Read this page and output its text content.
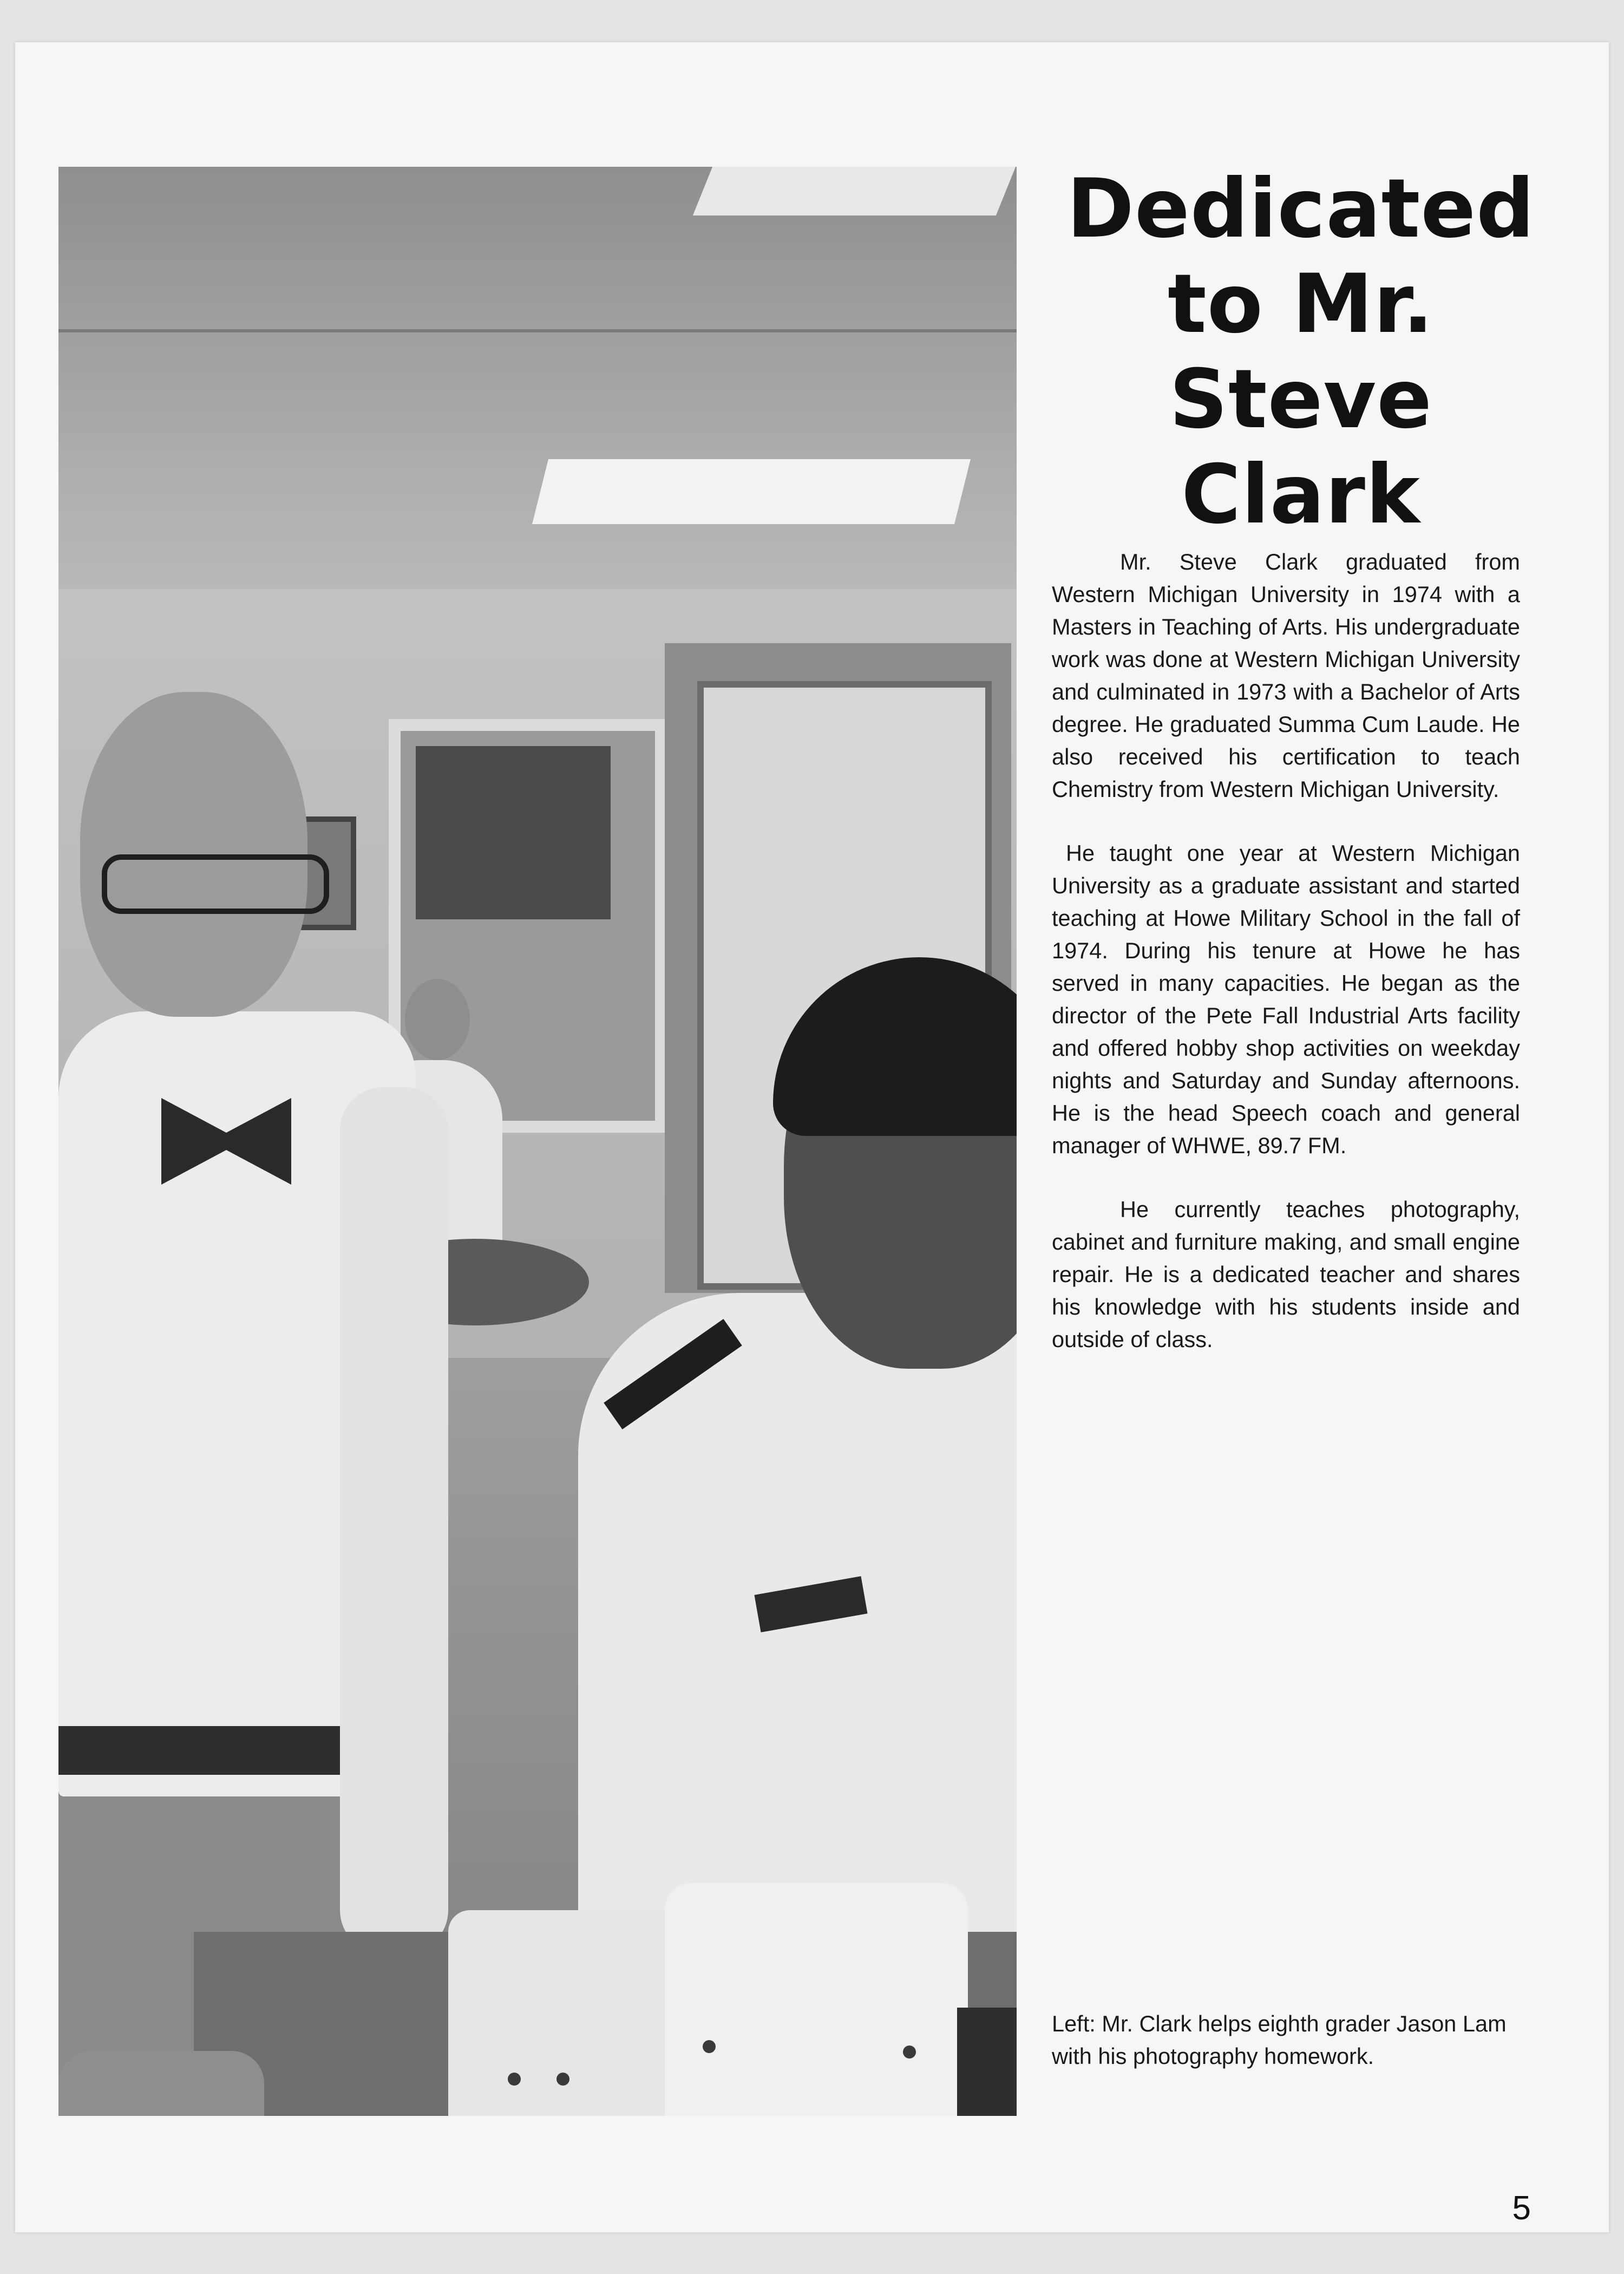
Dedicated to Mr. Steve Clark

Mr. Steve Clark graduated from Western Michigan University in 1974 with a Masters in Teaching of Arts. His undergraduate work was done at Western Michigan University and culminated in 1973 with a Bachelor of Arts degree. He graduated Summa Cum Laude. He also received his certification to teach Chemistry from Western Michigan University.

He taught one year at Western Michigan University as a graduate assistant and started teaching at Howe Military School in the fall of 1974. During his tenure at Howe he has served in many capacities. He began as the director of the Pete Fall Industrial Arts facility and offered hobby shop activities on weekday nights and Saturday and Sunday afternoons. He is the head Speech coach and general manager of WHWE, 89.7 FM.

He currently teaches photography, cabinet and furniture making, and small engine repair. He is a dedicated teacher and shares his knowledge with his students inside and outside of class.

Left: Mr. Clark helps eighth grader Jason Lam with his photography homework.

5
